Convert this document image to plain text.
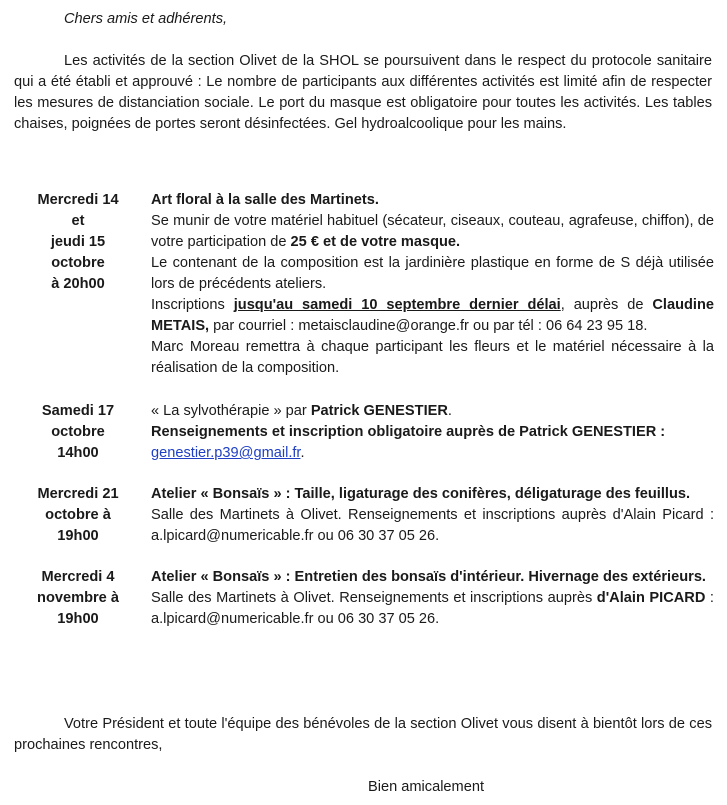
Chers amis et adhérents,
Les activités de la section Olivet de la SHOL se poursuivent dans le respect du protocole sanitaire qui a été établi et approuvé : Le nombre de participants aux différentes activités est limité afin de respecter les mesures de distanciation sociale. Le port du masque est obligatoire pour toutes les activités. Les tables chaises, poignées de portes seront désinfectées. Gel hydroalcoolique pour les mains.
Mercredi 14
et
jeudi 15
octobre
à 20h00

Art floral à la salle des Martinets.

Se munir de votre matériel habituel (sécateur, ciseaux, couteau, agrafeuse, chiffon), de votre participation de 25 € et de votre masque.

Le contenant de la composition est la jardinière plastique en forme de S déjà utilisée lors de précédents ateliers.

Inscriptions jusqu'au samedi 10 septembre dernier délai, auprès de Claudine METAIS, par courriel : metaisclaudine@orange.fr ou par tél : 06 64 23 95 18.

Marc Moreau remettra à chaque participant les fleurs et le matériel nécessaire à la réalisation de la composition.

Samedi 17
octobre
14h00

« La sylvothérapie » par Patrick GENESTIER.

Renseignements et inscription obligatoire auprès de Patrick GENESTIER :

genestier.p39@gmail.fr.

Mercredi 21
octobre à
19h00

Atelier « Bonsaïs » : Taille, ligaturage des conifères, déligaturage des feuillus.

Salle des Martinets à Olivet. Renseignements et inscriptions auprès d'Alain Picard : a.lpicard@numericable.fr ou 06 30 37 05 26.

Mercredi 4
novembre à
19h00

Atelier « Bonsaïs » : Entretien des bonsaïs d'intérieur. Hivernage des extérieurs.

Salle des Martinets à Olivet. Renseignements et inscriptions auprès d'Alain PICARD : a.lpicard@numericable.fr ou 06 30 37 05 26.

Votre Président et toute l'équipe des bénévoles de la section Olivet vous disent à bientôt lors de ces prochaines rencontres,
Bien amicalement
